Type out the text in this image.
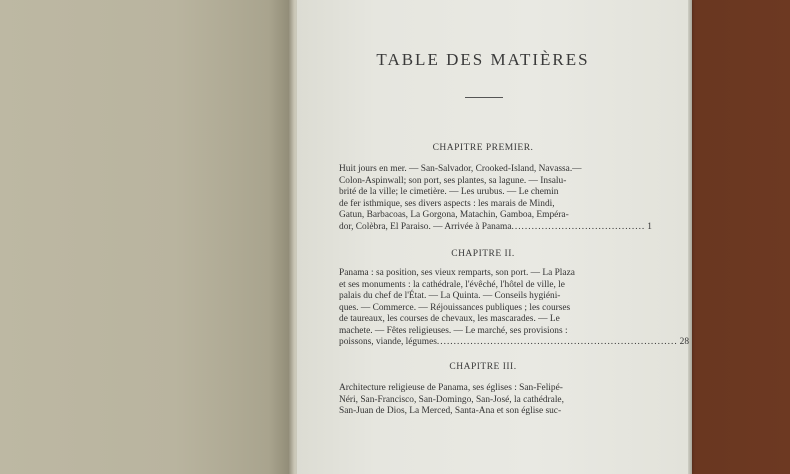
TABLE DES MATIÈRES
CHAPITRE PREMIER.
Huit jours en mer. — San-Salvador, Crooked-Island, Navassa.—
Colon-Aspinwall; son port, ses plantes, sa lagune. — Insalu-
brité de la ville; le cimetière. — Les urubus. — Le chemin
de fer isthmique, ses divers aspects : les marais de Mindi,
Gatun, Barbacoas, La Gorgona, Matachin, Gamboa, Empéra-
dor, Colèbra, El Paraiso. — Arrivée à Panama ........................................ 1
CHAPITRE II.
Panama : sa position, ses vieux remparts, son port. — La Plaza
et ses monuments : la cathédrale, l'évêché, l'hôtel de ville, le
palais du chef de l'État. — La Quinta. — Conseils hygiéni-
ques. — Commerce. — Réjouissances publiques ; les courses
de taureaux, les courses de chevaux, les mascarades. — Le
machete. — Fêtes religieuses. — Le marché, ses provisions :
poissons, viande, légumes ........................................................................ 28
CHAPITRE III.
Architecture religieuse de Panama, ses églises : San-Felipé-
Néri, San-Francisco, San-Domingo, San-José, la cathédrale,
San-Juan de Dios, La Merced, Santa-Ana et son église suc-
